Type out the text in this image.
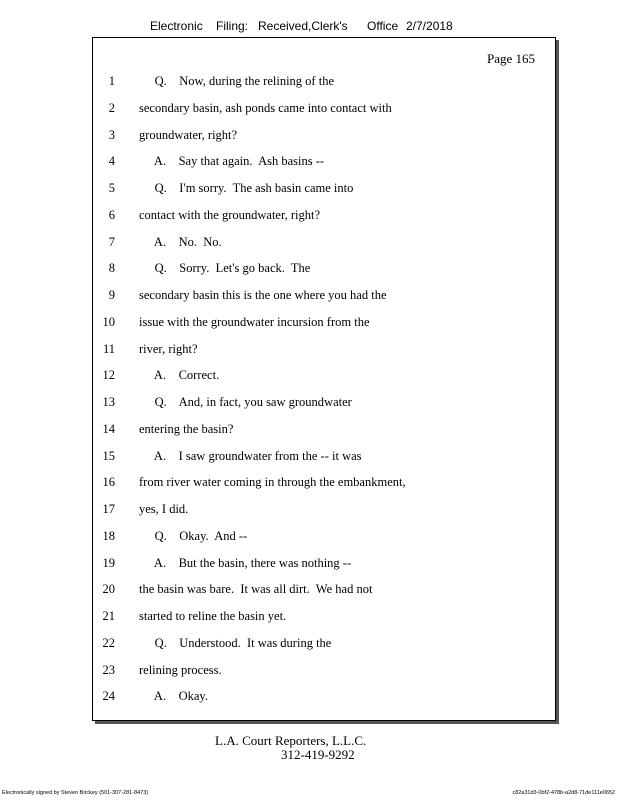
Electronic Filing: Received,Clerk's Office 2/7/2018
Page 165
1 Q.    Now, during the relining of the
2 secondary basin, ash ponds came into contact with
3 groundwater, right?
4 A.    Say that again.  Ash basins --
5 Q.    I'm sorry.  The ash basin came into
6 contact with the groundwater, right?
7 A.    No.  No.
8 Q.    Sorry.  Let's go back.  The
9 secondary basin this is the one where you had the
10 issue with the groundwater incursion from the
11 river, right?
12 A.    Correct.
13 Q.    And, in fact, you saw groundwater
14 entering the basin?
15 A.    I saw groundwater from the -- it was
16 from river water coming in through the embankment,
17 yes, I did.
18 Q.    Okay.  And --
19 A.    But the basin, there was nothing --
20 the basin was bare.  It was all dirt.  We had not
21 started to reline the basin yet.
22 Q.    Understood.  It was during the
23 relining process.
24 A.    Okay.
L.A. Court Reporters, L.L.C.
312-419-9292
Electronically signed by Steven Brickey (501-307-281-8473)	c82a31d3-0bf2-478b-a2d8-71de111e0652
